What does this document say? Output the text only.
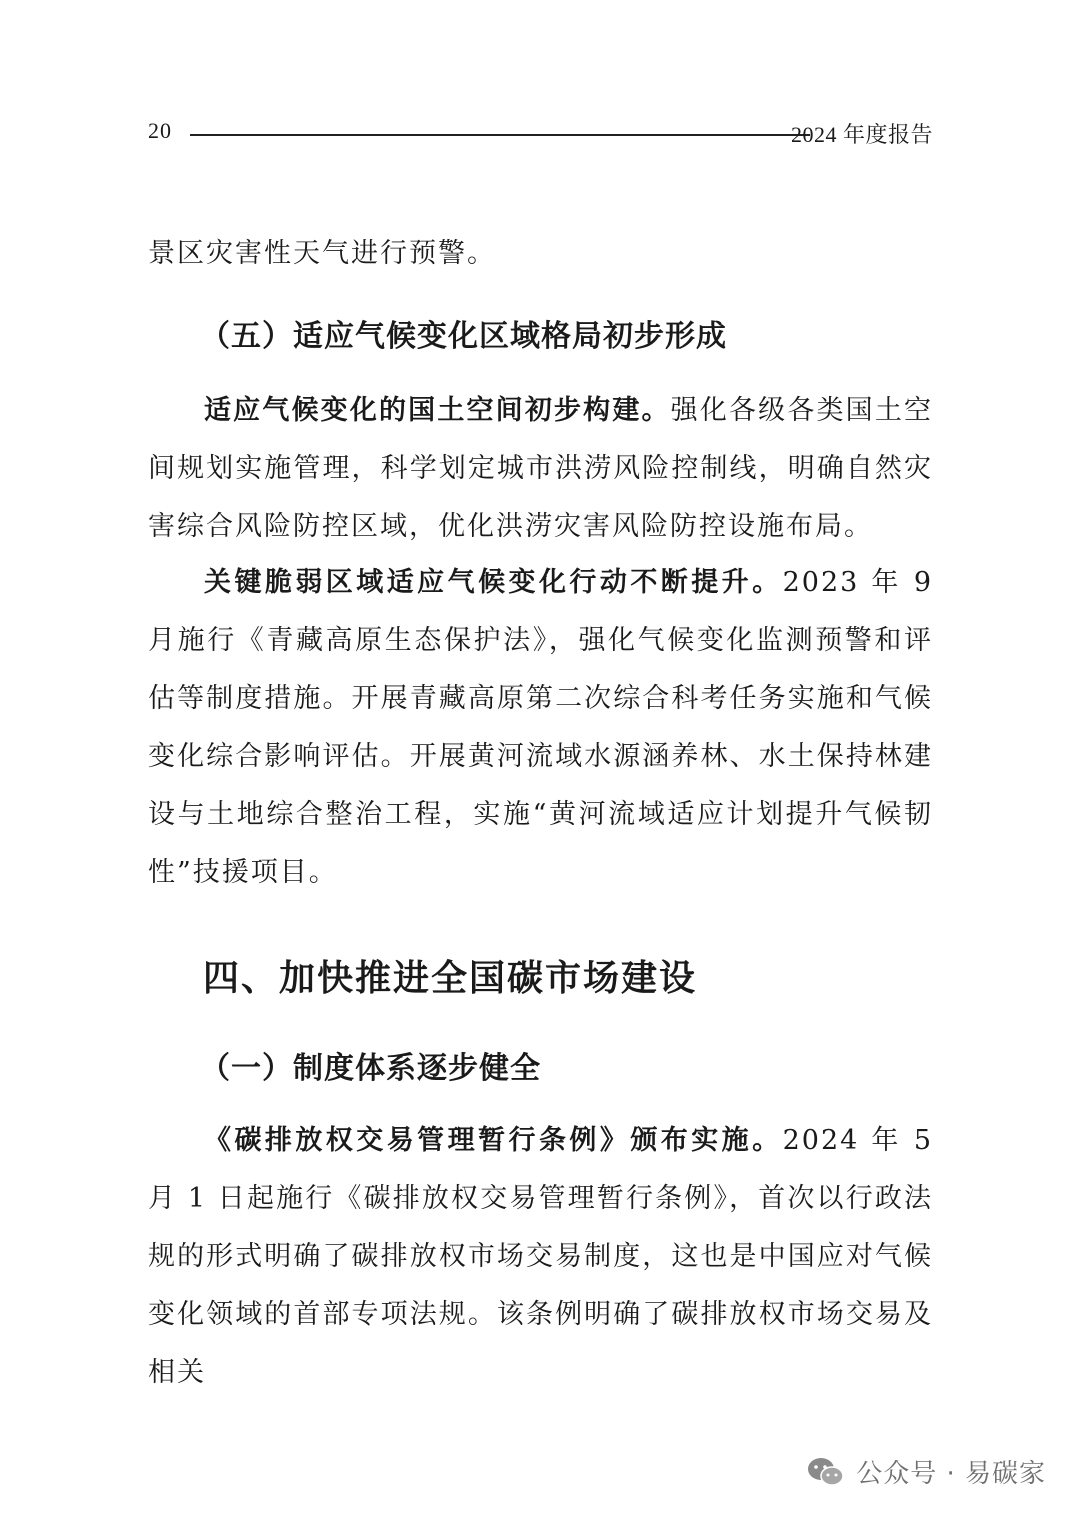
20	2024 年度报告

景区灾害性天气进行预警。

（五）适应气候变化区域格局初步形成

适应气候变化的国土空间初步构建。强化各级各类国土空间规划实施管理，科学划定城市洪涝风险控制线，明确自然灾害综合风险防控区域，优化洪涝灾害风险防控设施布局。

关键脆弱区域适应气候变化行动不断提升。2023 年 9 月施行《青藏高原生态保护法》，强化气候变化监测预警和评估等制度措施。开展青藏高原第二次综合科考任务实施和气候变化综合影响评估。开展黄河流域水源涵养林、水土保持林建设与土地综合整治工程，实施“黄河流域适应计划提升气候韧性”技援项目。

四、加快推进全国碳市场建设
（一）制度体系逐步健全

《碳排放权交易管理暂行条例》颁布实施。2024 年 5 月 1 日起施行《碳排放权交易管理暂行条例》，首次以行政法规的形式明确了碳排放权市场交易制度，这也是中国应对气候变化领域的首部专项法规。该条例明确了碳排放权市场交易及相关

公众号 · 易碳家
